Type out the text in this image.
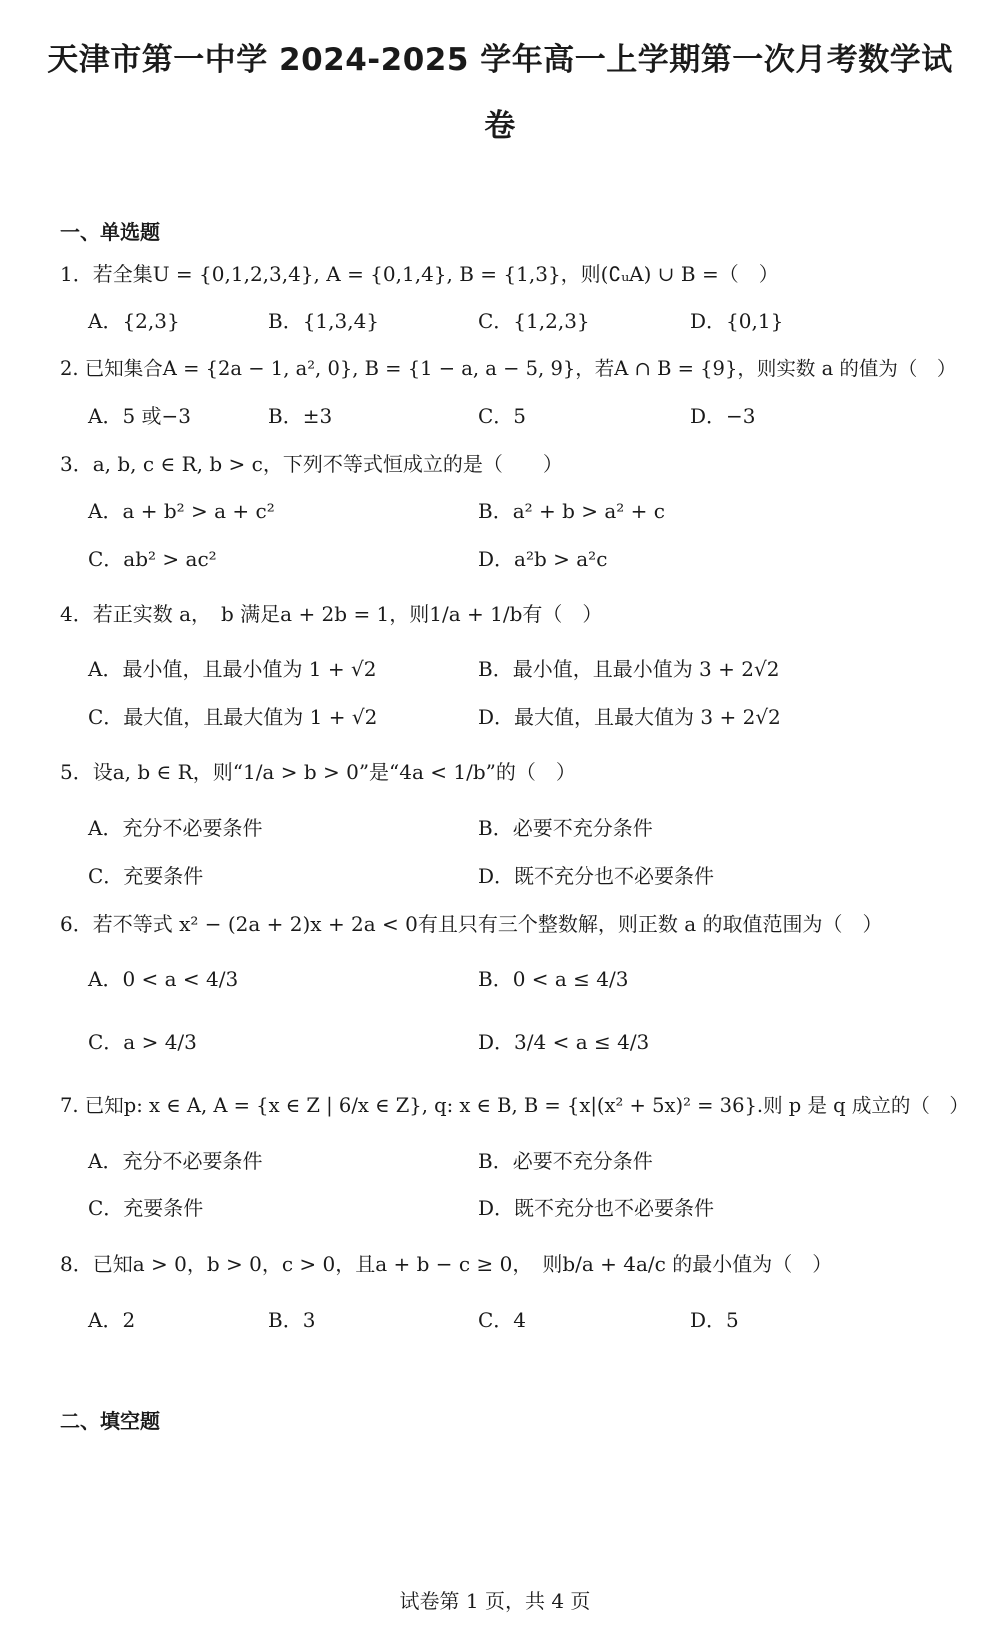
天津市第一中学 2024-2025 学年高一上学期第一次月考数学试
卷
一、单选题
1．若全集U = {0,1,2,3,4}, A = {0,1,4}, B = {1,3}，则(∁ᵤA) ∪ B =（　）
A．{2,3}	B．{1,3,4}	C．{1,2,3}	D．{0,1}
2. 已知集合A = {2a − 1, a², 0}, B = {1 − a, a − 5, 9}，若A ∩ B = {9}，则实数 a 的值为（　）
A．5 或−3	B．±3	C．5	D．−3
3．a, b, c ∈ R, b > c，下列不等式恒成立的是（　　）
A．a + b² > a + c²	B．a² + b > a² + c
C．ab² > ac²	D．a²b > a²c
4．若正实数 a，　b 满足a + 2b = 1，则1/a + 1/b有（　）
A．最小值，且最小值为 1 + √2	B．最小值，且最小值为 3 + 2√2
C．最大值，且最大值为 1 + √2	D．最大值，且最大值为 3 + 2√2
5．设a, b ∈ R，则“1/a > b > 0”是“4a < 1/b”的（　）
A．充分不必要条件	B．必要不充分条件
C．充要条件	D．既不充分也不必要条件
6．若不等式 x² − (2a + 2)x + 2a < 0有且只有三个整数解，则正数 a 的取值范围为（　）
A．0 < a < 4/3	B．0 < a ≤ 4/3
C．a > 4/3	D．3/4 < a ≤ 4/3
7. 已知p: x ∈ A, A = {x ∈ Z | 6/x ∈ Z}, q: x ∈ B, B = {x|(x² + 5x)² = 36}.则 p 是 q 成立的（　）
A．充分不必要条件	B．必要不充分条件
C．充要条件	D．既不充分也不必要条件
8．已知a > 0，b > 0，c > 0，且a + b − c ≥ 0，　则b/a + 4a/c 的最小值为（　）
A．2	B．3	C．4	D．5
二、填空题
试卷第 1 页，共 4 页
